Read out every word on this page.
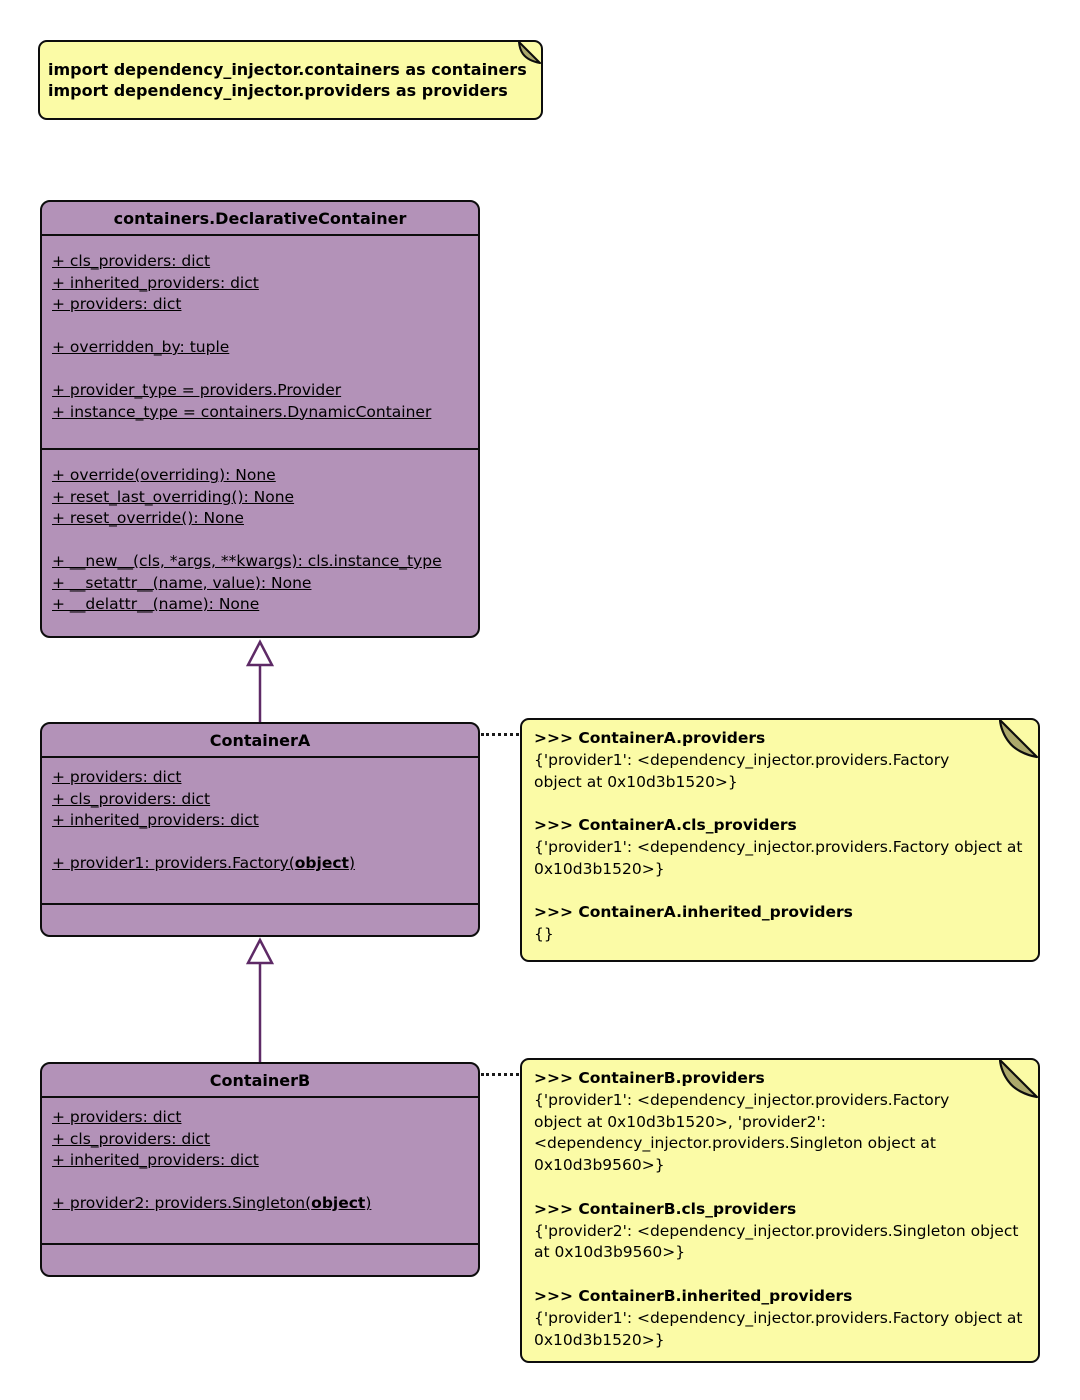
import dependency_injector.containers as containers
import dependency_injector.providers as providers
containers.DeclarativeContainer
+ cls_providers: dict
+ inherited_providers: dict
+ providers: dict
+ overridden_by: tuple
+ provider_type = providers.Provider
+ instance_type = containers.DynamicContainer
+ override(overriding): None
+ reset_last_overriding(): None
+ reset_override(): None
+ __new__(cls, *args, **kwargs): cls.instance_type
+ __setattr__(name, value): None
+ __delattr__(name): None
ContainerA
+ providers: dict
+ cls_providers: dict
+ inherited_providers: dict
+ provider1: providers.Factory(object)
>>> ContainerA.providers
{'provider1': <dependency_injector.providers.Factory object at 0x10d3b1520>}
>>> ContainerA.cls_providers
{'provider1': <dependency_injector.providers.Factory object at 0x10d3b1520>}
>>> ContainerA.inherited_providers
{}
ContainerB
+ providers: dict
+ cls_providers: dict
+ inherited_providers: dict
+ provider2: providers.Singleton(object)
>>> ContainerB.providers
{'provider1': <dependency_injector.providers.Factory object at 0x10d3b1520>, 'provider2': <dependency_injector.providers.Singleton object at 0x10d3b9560>}
>>> ContainerB.cls_providers
{'provider2': <dependency_injector.providers.Singleton object at 0x10d3b9560>}
>>> ContainerB.inherited_providers
{'provider1': <dependency_injector.providers.Factory object at 0x10d3b1520>}
